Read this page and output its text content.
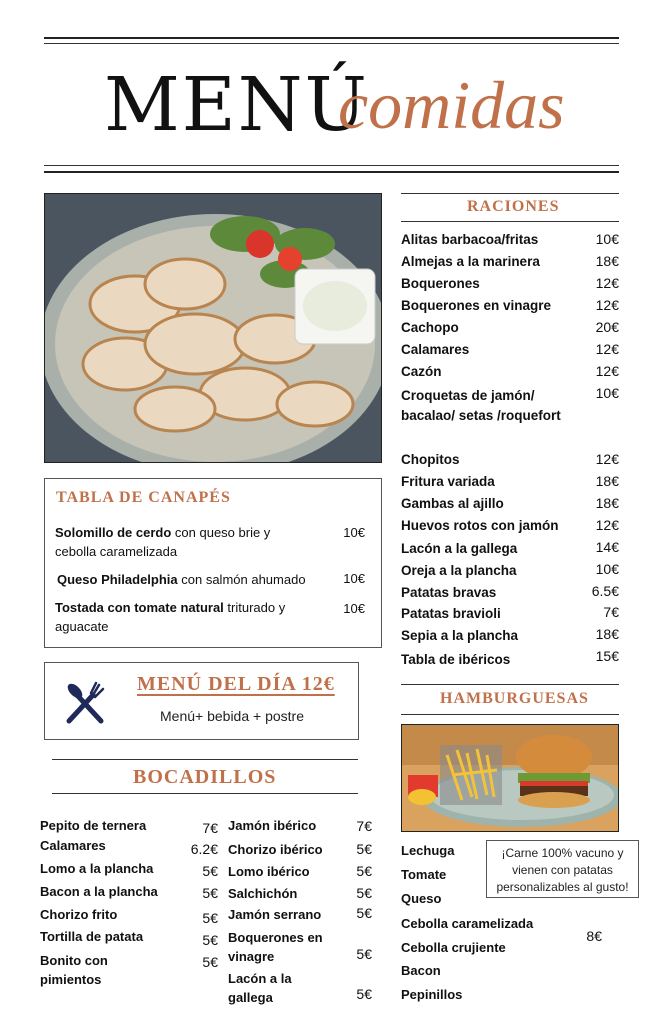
MENÚ
comidas
TABLA DE CANAPÉS
Solomillo de cerdo con queso brie y cebolla caramelizada
10€
Queso Philadelphia con salmón ahumado	10€
Tostada con tomate natural triturado y aguacate
10€
MENÚ DEL DÍA 12€
Menú+ bebida + postre
BOCADILLOS
Pepito de ternera	7€
Calamares	6.2€
Lomo a la plancha	5€
Bacon a la plancha	5€
Chorizo frito	5€
Tortilla de patata	5€
Bonito con pimientos
5€
Jamón ibérico	7€
Chorizo ibérico	5€
Lomo ibérico	5€
Salchichón	5€
Jamón serrano	5€
Boquerones en vinagre	5€
Lacón a la gallega	5€
RACIONES
Alitas barbacoa/fritas	10€
Almejas a la marinera	18€
Boquerones	12€
Boquerones en vinagre	12€
Cachopo	20€
Calamares	12€
Cazón	12€
Croquetas de jamón/ bacalao/ setas /roquefort
10€
Chopitos	12€
Fritura variada	18€
Gambas al ajillo	18€
Huevos rotos con jamón	12€
Lacón a la gallega	14€
Oreja a la plancha	10€
Patatas bravas	6.5€
Patatas bravioli	7€
Sepia a la plancha	18€
Tabla de ibéricos	15€
HAMBURGUESAS
Lechuga
Tomate
Queso
Cebolla caramelizada
Cebolla crujiente
Bacon
Pepinillos
8€
¡Carne 100% vacuno y vienen con patatas personalizables al gusto!
